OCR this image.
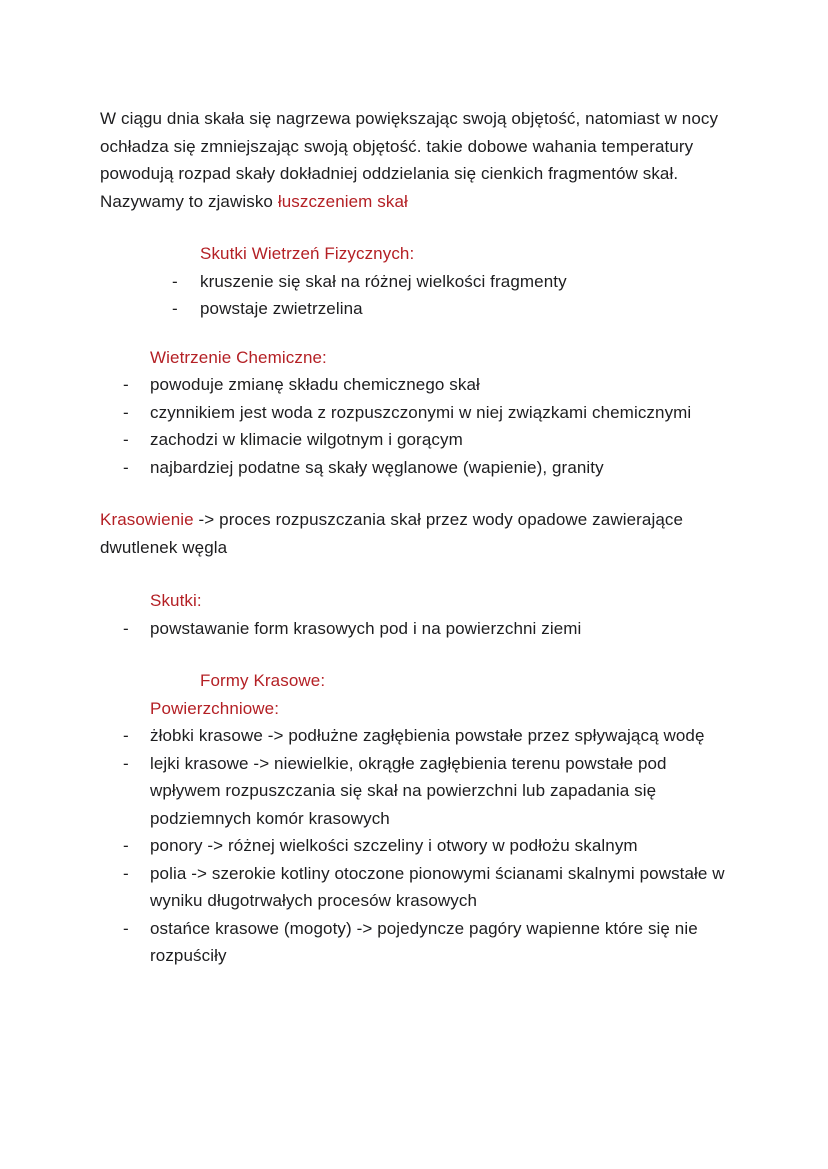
W ciągu dnia skała się nagrzewa powiększając swoją objętość, natomiast w nocy
ochładza się zmniejszając swoją objętość. takie dobowe wahania temperatury
powodują rozpad skały dokładniej oddzielania się cienkich fragmentów skał.
Nazywamy to zjawisko łuszczeniem skał
Skutki Wietrzeń Fizycznych:
-	kruszenie się skał na różnej wielkości fragmenty
-	powstaje zwietrzelina
Wietrzenie Chemiczne:
-	powoduje zmianę składu chemicznego skał
-	czynnikiem jest woda z rozpuszczonymi w niej związkami chemicznymi
-	zachodzi w klimacie wilgotnym i gorącym
-	najbardziej podatne są skały węglanowe (wapienie), granity
Krasowienie -> proces rozpuszczania skał przez wody opadowe zawierające
dwutlenek węgla
Skutki:
-	powstawanie form krasowych pod i na powierzchni ziemi
Formy Krasowe:
Powierzchniowe:
-	żłobki krasowe -> podłużne zagłębienia powstałe przez spływającą wodę
-	lejki krasowe -> niewielkie, okrągłe zagłębienia terenu powstałe pod
wpływem rozpuszczania się skał na powierzchni lub zapadania się
podziemnych komór krasowych
-	ponory -> różnej wielkości szczeliny i otwory w podłożu skalnym
-	polia -> szerokie kotliny otoczone pionowymi ścianami skalnymi powstałe w
wyniku długotrwałych procesów krasowych
-	ostańce krasowe (mogoty) -> pojedyncze pagóry wapienne które się nie
rozpuściły
